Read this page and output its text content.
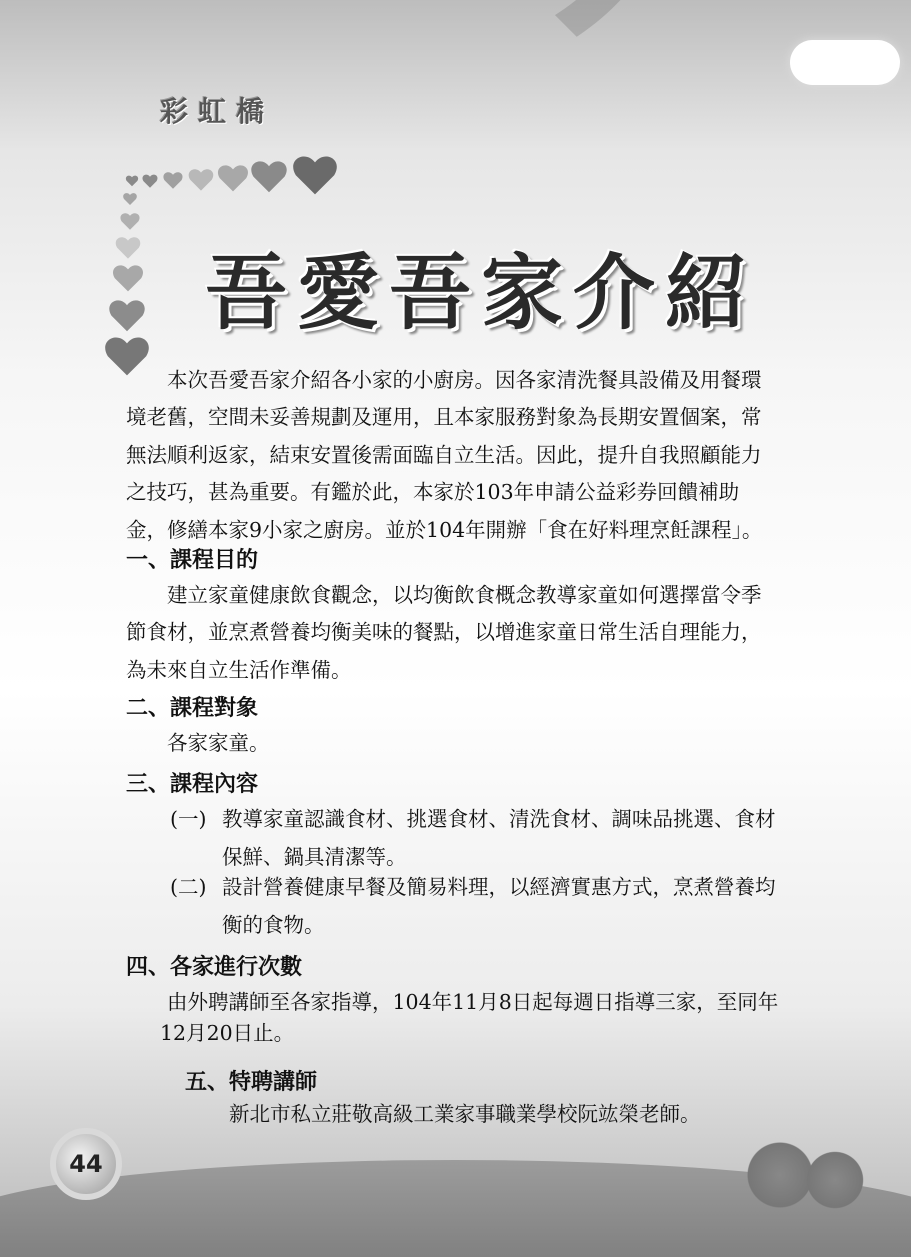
彩虹橋
吾愛吾家介紹
本次吾愛吾家介紹各小家的小廚房。因各家清洗餐具設備及用餐環
境老舊，空間未妥善規劃及運用，且本家服務對象為長期安置個案，常
無法順利返家，結束安置後需面臨自立生活。因此，提升自我照顧能力
之技巧，甚為重要。有鑑於此，本家於103年申請公益彩券回饋補助
金，修繕本家9小家之廚房。並於104年開辦「食在好料理烹飪課程」。
一、課程目的
建立家童健康飲食觀念，以均衡飲食概念教導家童如何選擇當令季
節食材，並烹煮營養均衡美味的餐點，以增進家童日常生活自理能力，
為未來自立生活作準備。
二、課程對象
各家家童。
三、課程內容
(一) 教導家童認識食材、挑選食材、清洗食材、調味品挑選、食材
保鮮、鍋具清潔等。
(二) 設計營養健康早餐及簡易料理，以經濟實惠方式，烹煮營養均
衡的食物。
四、各家進行次數
由外聘講師至各家指導，104年11月8日起每週日指導三家，至同年
12月20日止。
五、特聘講師
新北市私立莊敬高級工業家事職業學校阮竑榮老師。
44
